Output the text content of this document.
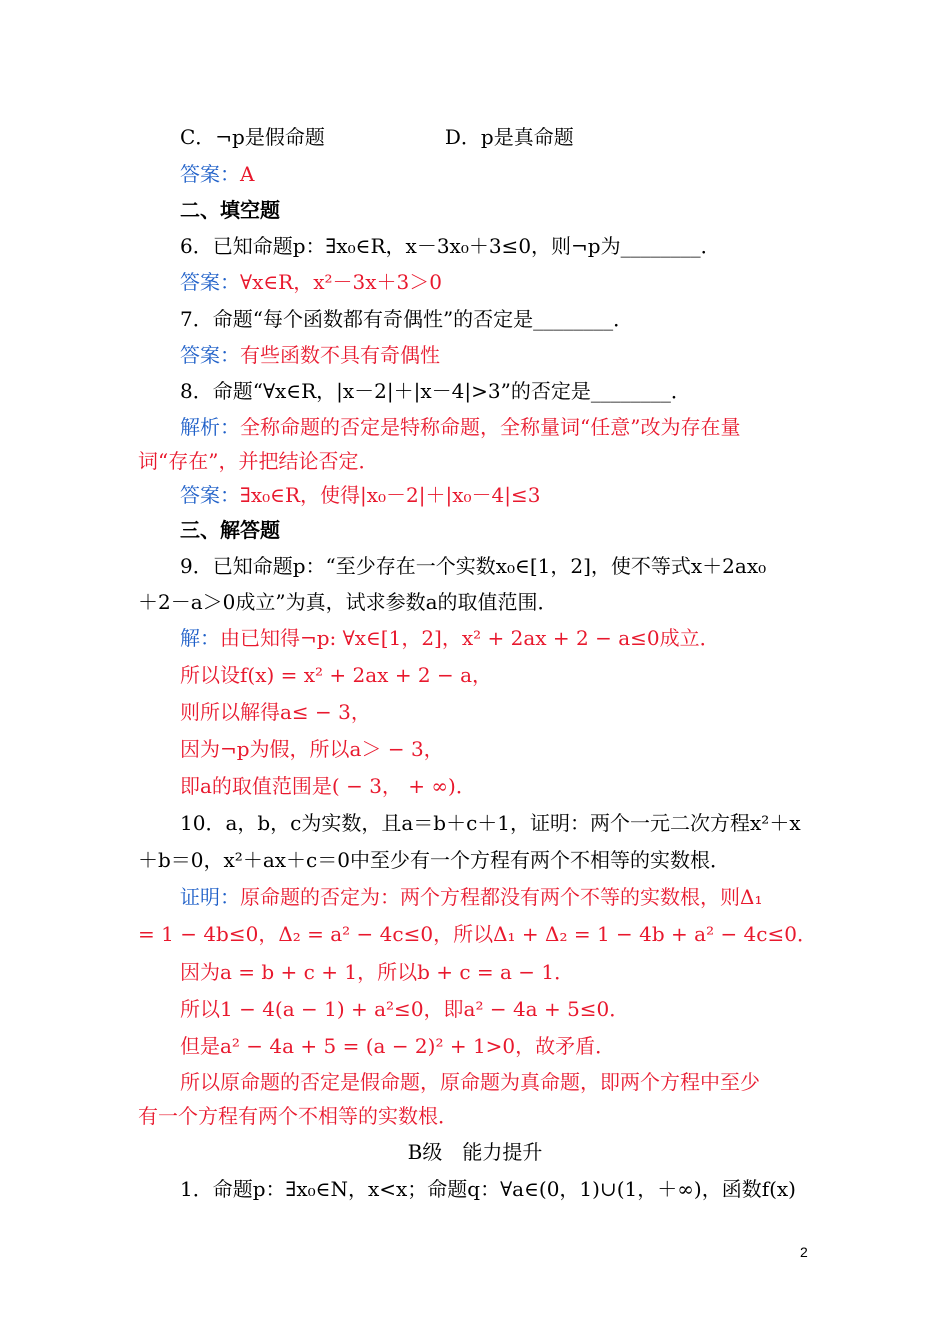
C．¬p是假命题	D．p是真命题
答案：A
二、填空题
6．已知命题p：∃x₀∈R，x－3x₀＋3≤0，则¬p为________．
答案：∀x∈R，x²－3x＋3＞0
7．命题“每个函数都有奇偶性”的否定是________．
答案：有些函数不具有奇偶性
8．命题“∀x∈R，|x－2|＋|x－4|>3”的否定是________．
解析：全称命题的否定是特称命题，全称量词“任意”改为存在量
词“存在”，并把结论否定．
答案：∃x₀∈R，使得|x₀－2|＋|x₀－4|≤3
三、解答题
9．已知命题p：“至少存在一个实数x₀∈[1，2]，使不等式x＋2ax₀
＋2－a＞0成立”为真，试求参数a的取值范围．
解：由已知得¬p: ∀x∈[1，2]，x² + 2ax + 2 − a≤0成立．
所以设f(x) = x² + 2ax + 2 − a，
则所以解得a≤ − 3，
因为¬p为假，所以a＞ − 3，
即a的取值范围是( − 3， + ∞)．
10．a，b，c为实数，且a＝b＋c＋1，证明：两个一元二次方程x²＋x
＋b＝0，x²＋ax＋c＝0中至少有一个方程有两个不相等的实数根．
证明：原命题的否定为：两个方程都没有两个不等的实数根，则Δ₁
= 1 − 4b≤0，Δ₂ = a² − 4c≤0，所以Δ₁ + Δ₂ = 1 − 4b + a² − 4c≤0．
因为a = b + c + 1，所以b + c = a − 1．
所以1 − 4(a − 1) + a²≤0，即a² − 4a + 5≤0．
但是a² − 4a + 5 = (a − 2)² + 1>0，故矛盾．
所以原命题的否定是假命题，原命题为真命题，即两个方程中至少
有一个方程有两个不相等的实数根．
B级　能力提升
1．命题p：∃x₀∈N，x<x；命题q：∀a∈(0，1)∪(1，＋∞)，函数f(x)
2
